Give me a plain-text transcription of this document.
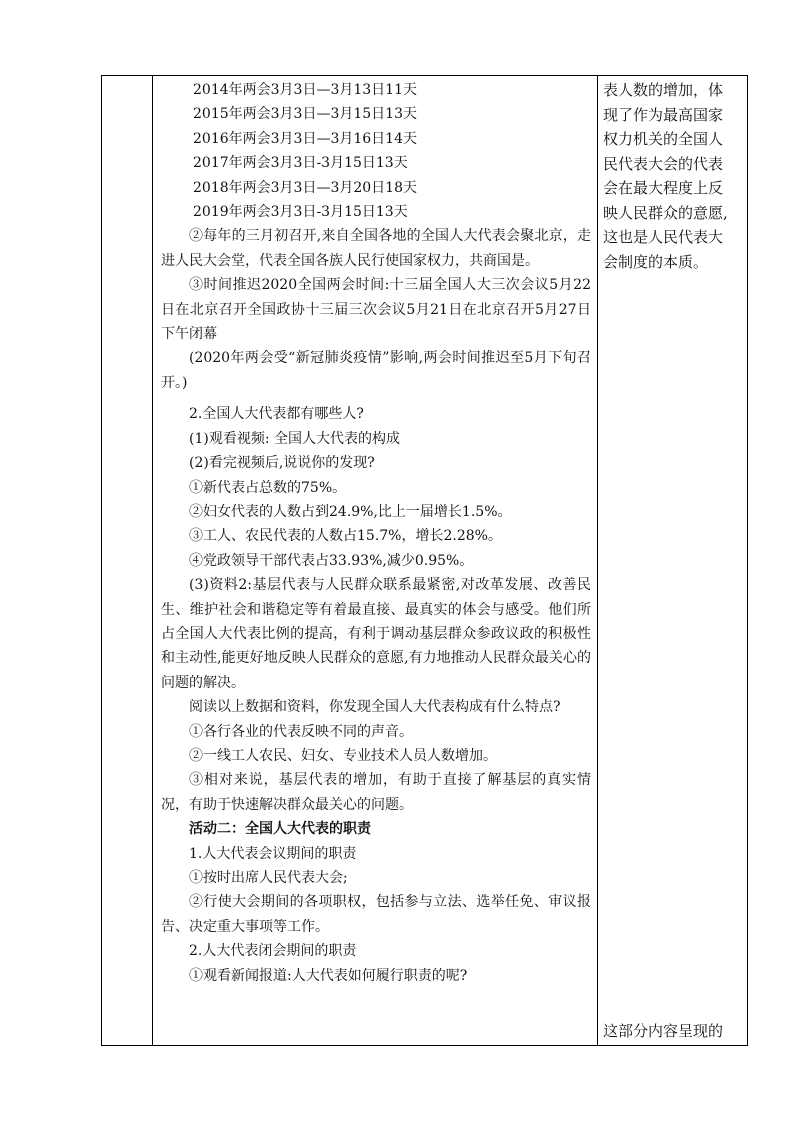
2014年两会3月3日—3月13日11天

2015年两会3月3日—3月15日13天

2016年两会3月3日—3月16日14天

2017年两会3月3日-3月15日13天

2018年两会3月3日—3月20日18天

2019年两会3月3日-3月15日13天

②每年的三月初召开,来自全国各地的全国人大代表会聚北京，走进人民大会堂，代表全国各族人民行使国家权力，共商国是。

③时间推迟2020全国两会时间:十三届全国人大三次会议5月22日在北京召开全国政协十三届三次会议5月21日在北京召开5月27日下午闭幕

(2020年两会受“新冠肺炎疫情”影响,两会时间推迟至5月下旬召开。)

2.全国人大代表都有哪些人?

(1)观看视频: 全国人大代表的构成

(2)看完视频后,说说你的发现?

①新代表占总数的75%。

②妇女代表的人数占到24.9%,比上一届增长1.5%。

③工人、农民代表的人数占15.7%，增长2.28%。

④党政领导干部代表占33.93%,减少0.95%。

(3)资料2:基层代表与人民群众联系最紧密,对改革发展、改善民生、维护社会和谐稳定等有着最直接、最真实的体会与感受。他们所占全国人大代表比例的提高，有利于调动基层群众参政议政的积极性和主动性,能更好地反映人民群众的意愿,有力地推动人民群众最关心的问题的解决。

阅读以上数据和资料，你发现全国人大代表构成有什么特点?

①各行各业的代表反映不同的声音。

②一线工人农民、妇女、专业技术人员人数增加。

③相对来说，基层代表的增加，有助于直接了解基层的真实情况，有助于快速解决群众最关心的问题。

活动二：全国人大代表的职责

1.人大代表会议期间的职责

①按时出席人民代表大会;

②行使大会期间的各项职权，包括参与立法、选举任免、审议报告、决定重大事项等工作。

2.人大代表闭会期间的职责

①观看新闻报道:人大代表如何履行职责的呢?

表人数的增加，体

现了作为最高国家

权力机关的全国人

民代表大会的代表

会在最大程度上反

映人民群众的意愿,

这也是人民代表大

会制度的本质。

这部分内容呈现的
